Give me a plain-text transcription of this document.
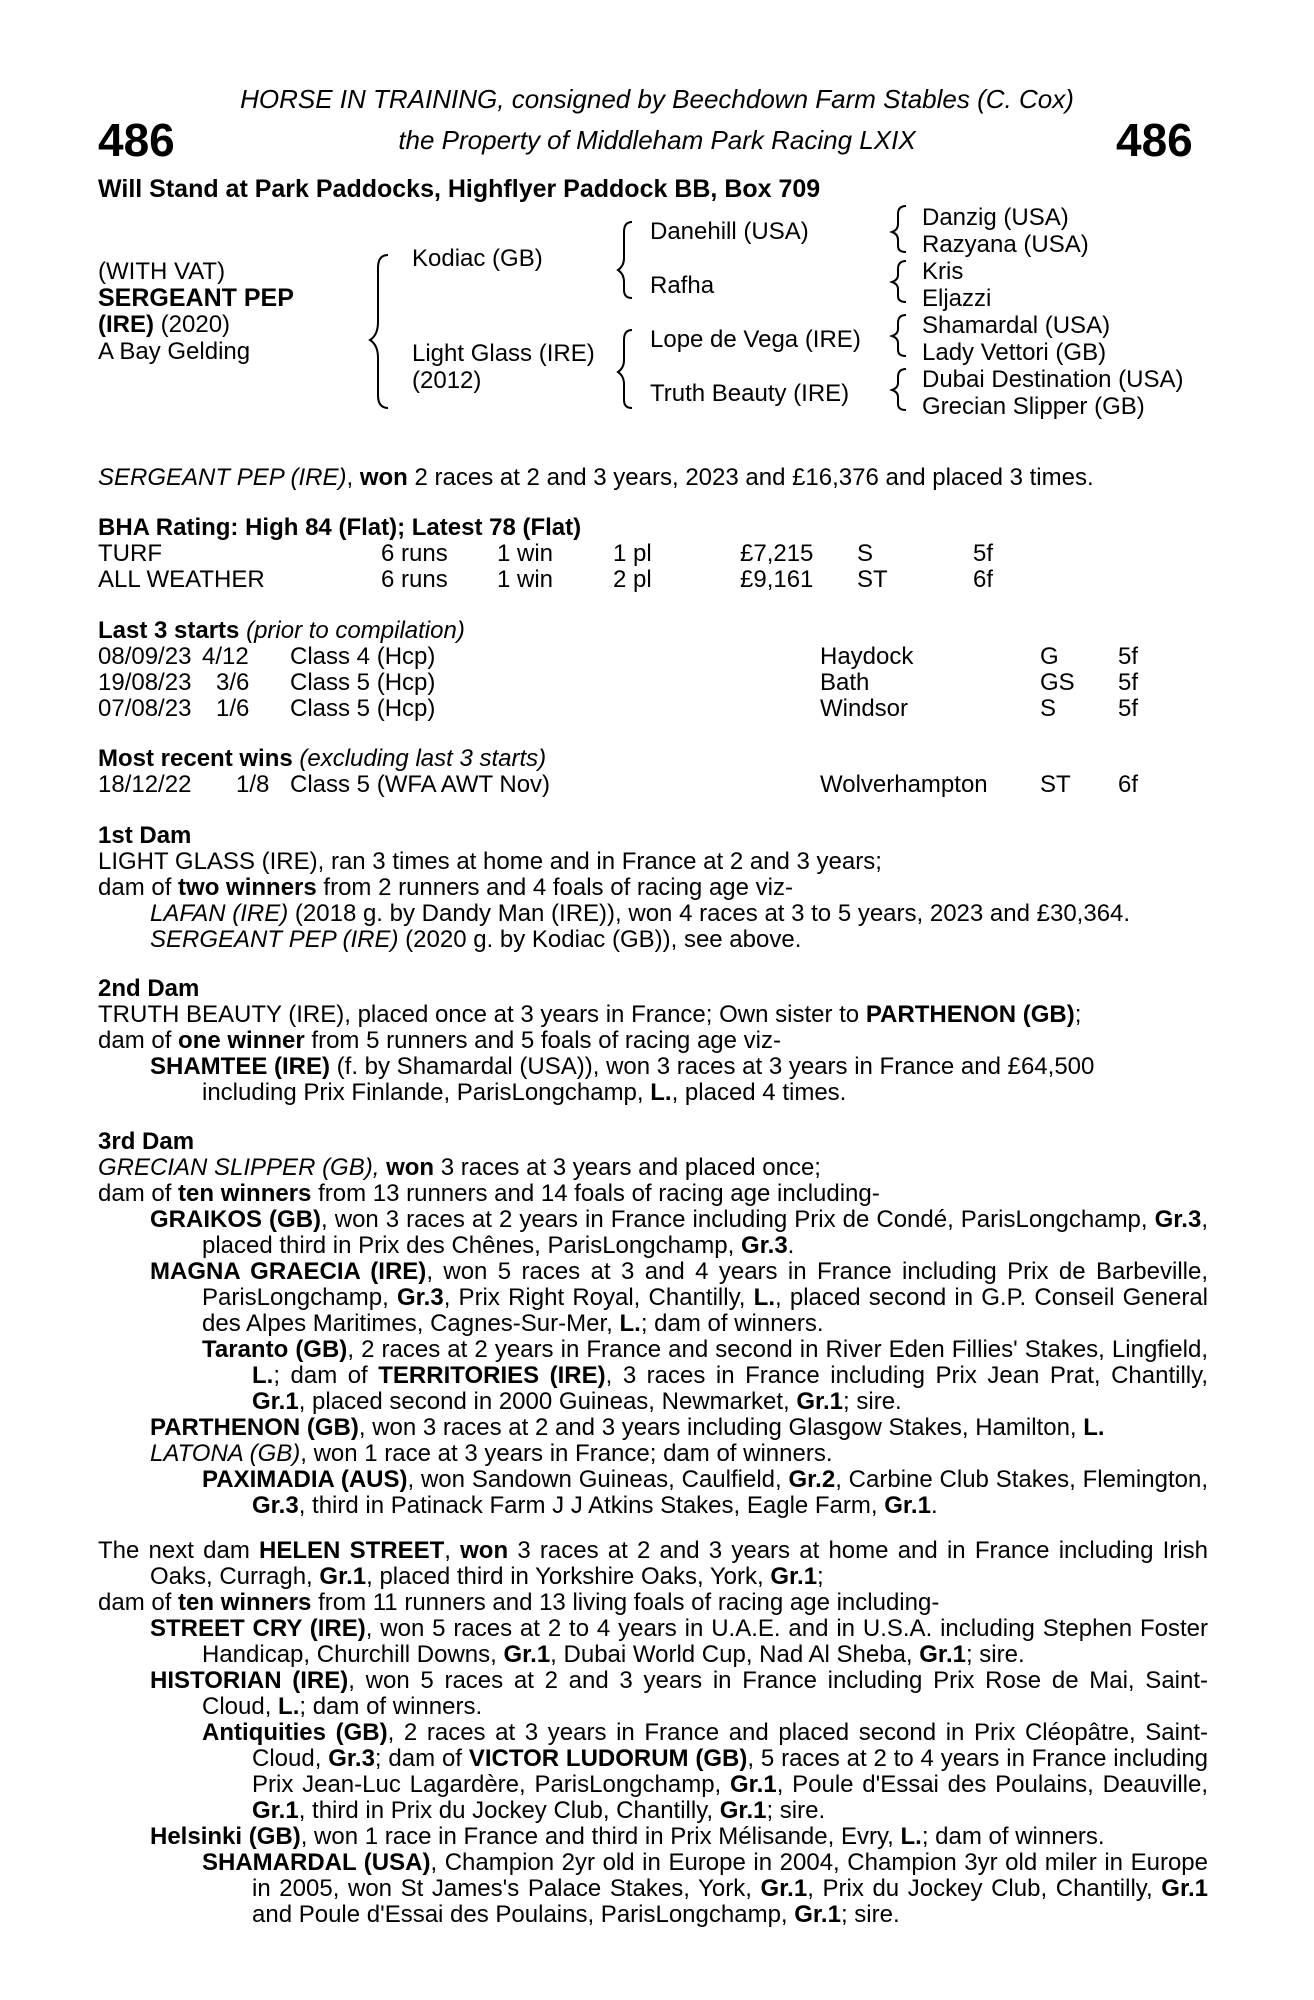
486	486
HORSE IN TRAINING, consigned by Beechdown Farm Stables (C. Cox)
the Property of Middleham Park Racing LXIX
Will Stand at Park Paddocks, Highflyer Paddock BB, Box 709
(WITH VAT)
SERGEANT PEP
(IRE) (2020)
A Bay Gelding
Kodiac (GB)
Light Glass (IRE)
(2012)
Danehill (USA)
Rafha
Lope de Vega (IRE)
Truth Beauty (IRE)
Danzig (USA)
Razyana (USA)
Kris
Eljazzi
Shamardal (USA)
Lady Vettori (GB)
Dubai Destination (USA)
Grecian Slipper (GB)
SERGEANT PEP (IRE), won 2 races at 2 and 3 years, 2023 and £16,376 and placed 3 times.

BHA Rating: High 84 (Flat); Latest 78 (Flat)

TURF	6 runs 1 win 1 pl	£7,215 S	5f
ALL WEATHER	6 runs 1 win 2 pl	£9,161 ST	6f

Last 3 starts (prior to compilation)

08/09/23 4/12 Class 4 (Hcp)	Haydock	G 5f
19/08/23 3/6 Class 5 (Hcp)	Bath	GS 5f
07/08/23 1/6 Class 5 (Hcp)	Windsor	S	5f

Most recent wins (excluding last 3 starts)

18/12/22 1/8 Class 5 (WFA AWT Nov)	Wolverhampton ST 6f

1st Dam

LIGHT GLASS (IRE), ran 3 times at home and in France at 2 and 3 years;

dam of two winners from 2 runners and 4 foals of racing age viz-

LAFAN (IRE) (2018 g. by Dandy Man (IRE)), won 4 races at 3 to 5 years, 2023 and £30,364.

SERGEANT PEP (IRE) (2020 g. by Kodiac (GB)), see above.

2nd Dam

TRUTH BEAUTY (IRE), placed once at 3 years in France; Own sister to PARTHENON (GB);

dam of one winner from 5 runners and 5 foals of racing age viz-

SHAMTEE (IRE) (f. by Shamardal (USA)), won 3 races at 3 years in France and £64,500

including Prix Finlande, ParisLongchamp, L., placed 4 times.

3rd Dam

GRECIAN SLIPPER (GB), won 3 races at 3 years and placed once;

dam of ten winners from 13 runners and 14 foals of racing age including-

GRAIKOS (GB), won 3 races at 2 years in France including Prix de Condé, ParisLongchamp, Gr.3, placed third in Prix des Chênes, ParisLongchamp, Gr.3.

MAGNA GRAECIA (IRE), won 5 races at 3 and 4 years in France including Prix de Barbeville, ParisLongchamp, Gr.3, Prix Right Royal, Chantilly, L., placed second in G.P. Conseil General des Alpes Maritimes, Cagnes-Sur-Mer, L.; dam of winners.

Taranto (GB), 2 races at 2 years in France and second in River Eden Fillies' Stakes, Lingfield, L.; dam of TERRITORIES (IRE), 3 races in France including Prix Jean Prat, Chantilly, Gr.1, placed second in 2000 Guineas, Newmarket, Gr.1; sire.

PARTHENON (GB), won 3 races at 2 and 3 years including Glasgow Stakes, Hamilton, L.

LATONA (GB), won 1 race at 3 years in France; dam of winners.

PAXIMADIA (AUS), won Sandown Guineas, Caulfield, Gr.2, Carbine Club Stakes, Flemington, Gr.3, third in Patinack Farm J J Atkins Stakes, Eagle Farm, Gr.1.

The next dam HELEN STREET, won 3 races at 2 and 3 years at home and in France including Irish Oaks, Curragh, Gr.1, placed third in Yorkshire Oaks, York, Gr.1;

dam of ten winners from 11 runners and 13 living foals of racing age including-

STREET CRY (IRE), won 5 races at 2 to 4 years in U.A.E. and in U.S.A. including Stephen Foster Handicap, Churchill Downs, Gr.1, Dubai World Cup, Nad Al Sheba, Gr.1; sire.

HISTORIAN (IRE), won 5 races at 2 and 3 years in France including Prix Rose de Mai, Saint-Cloud, L.; dam of winners.

Antiquities (GB), 2 races at 3 years in France and placed second in Prix Cléopâtre, Saint-Cloud, Gr.3; dam of VICTOR LUDORUM (GB), 5 races at 2 to 4 years in France including Prix Jean-Luc Lagardère, ParisLongchamp, Gr.1, Poule d'Essai des Poulains, Deauville, Gr.1, third in Prix du Jockey Club, Chantilly, Gr.1; sire.

Helsinki (GB), won 1 race in France and third in Prix Mélisande, Evry, L.; dam of winners.

SHAMARDAL (USA), Champion 2yr old in Europe in 2004, Champion 3yr old miler in Europe in 2005, won St James's Palace Stakes, York, Gr.1, Prix du Jockey Club, Chantilly, Gr.1 and Poule d'Essai des Poulains, ParisLongchamp, Gr.1; sire.
